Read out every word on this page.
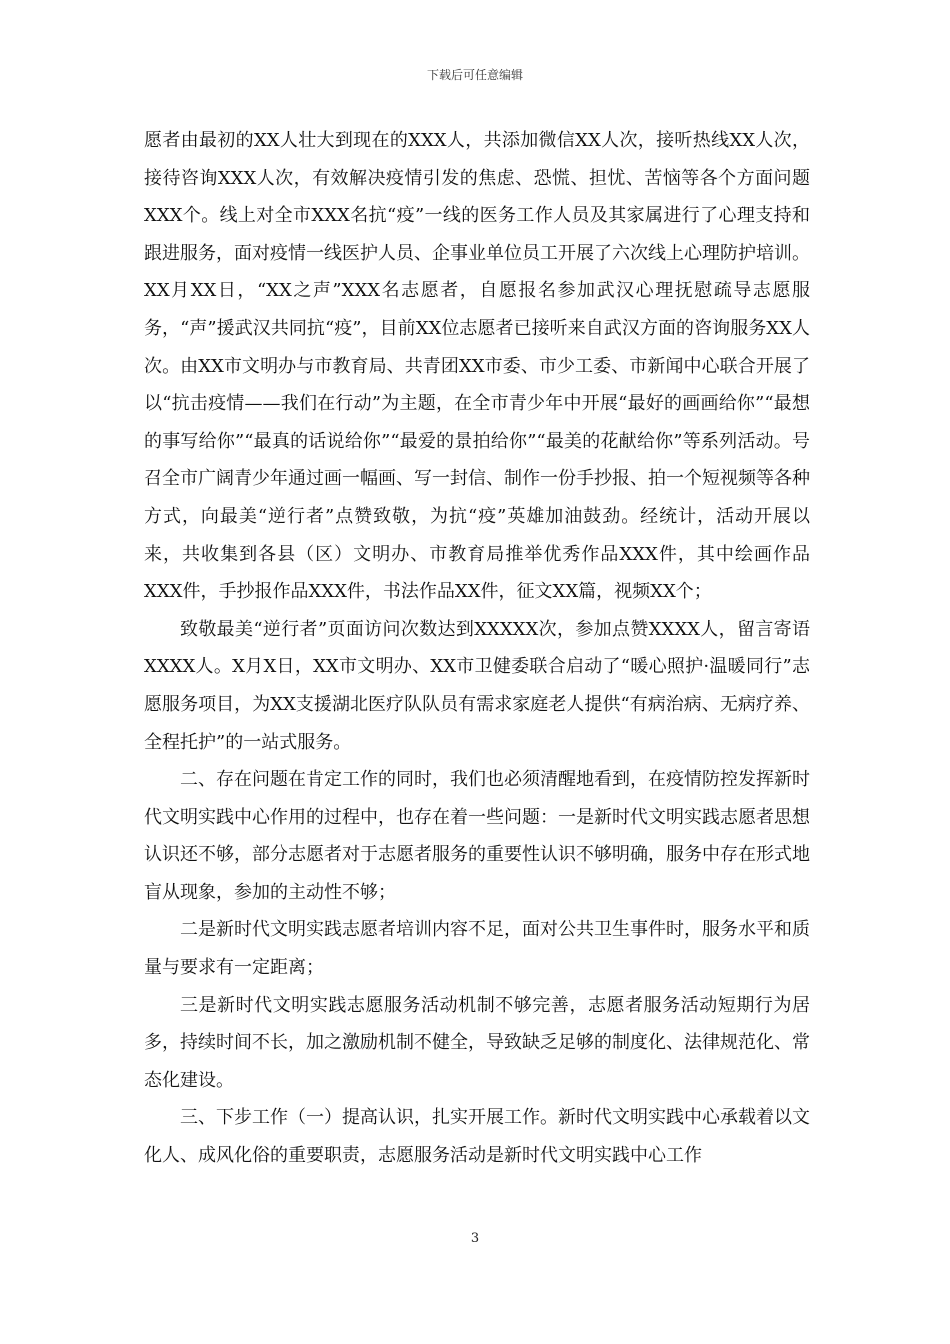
下载后可任意编辑

愿者由最初的XX人壮大到现在的XXX人，共添加微信XX人次，接听热线XX人次，接待咨询XXX人次，有效解决疫情引发的焦虑、恐慌、担忧、苦恼等各个方面问题XXX个。线上对全市XXX名抗“疫”一线的医务工作人员及其家属进行了心理支持和跟进服务，面对疫情一线医护人员、企事业单位员工开展了六次线上心理防护培训。XX月XX日，“XX之声”XXX名志愿者，自愿报名参加武汉心理抚慰疏导志愿服务，“声”援武汉共同抗“疫”，目前XX位志愿者已接听来自武汉方面的咨询服务XX人次。由XX市文明办与市教育局、共青团XX市委、市少工委、市新闻中心联合开展了以“抗击疫情——我们在行动”为主题，在全市青少年中开展“最好的画画给你”“最想的事写给你”“最真的话说给你”“最爱的景拍给你”“最美的花献给你”等系列活动。号召全市广阔青少年通过画一幅画、写一封信、制作一份手抄报、拍一个短视频等各种方式，向最美“逆行者”点赞致敬，为抗“疫”英雄加油鼓劲。经统计，活动开展以来，共收集到各县（区）文明办、市教育局推举优秀作品XXX件，其中绘画作品XXX件，手抄报作品XXX件，书法作品XX件，征文XX篇，视频XX个；

致敬最美“逆行者”页面访问次数达到XXXXX次，参加点赞XXXX人，留言寄语XXXX人。X月X日，XX市文明办、XX市卫健委联合启动了“暖心照护·温暖同行”志愿服务项目，为XX支援湖北医疗队队员有需求家庭老人提供“有病治病、无病疗养、全程托护”的一站式服务。

二、存在问题在肯定工作的同时，我们也必须清醒地看到，在疫情防控发挥新时代文明实践中心作用的过程中，也存在着一些问题：一是新时代文明实践志愿者思想认识还不够，部分志愿者对于志愿者服务的重要性认识不够明确，服务中存在形式地盲从现象，参加的主动性不够；

二是新时代文明实践志愿者培训内容不足，面对公共卫生事件时，服务水平和质量与要求有一定距离；

三是新时代文明实践志愿服务活动机制不够完善，志愿者服务活动短期行为居多，持续时间不长，加之激励机制不健全，导致缺乏足够的制度化、法律规范化、常态化建设。

三、下步工作（一）提高认识，扎实开展工作。新时代文明实践中心承载着以文化人、成风化俗的重要职责，志愿服务活动是新时代文明实践中心工作

3
